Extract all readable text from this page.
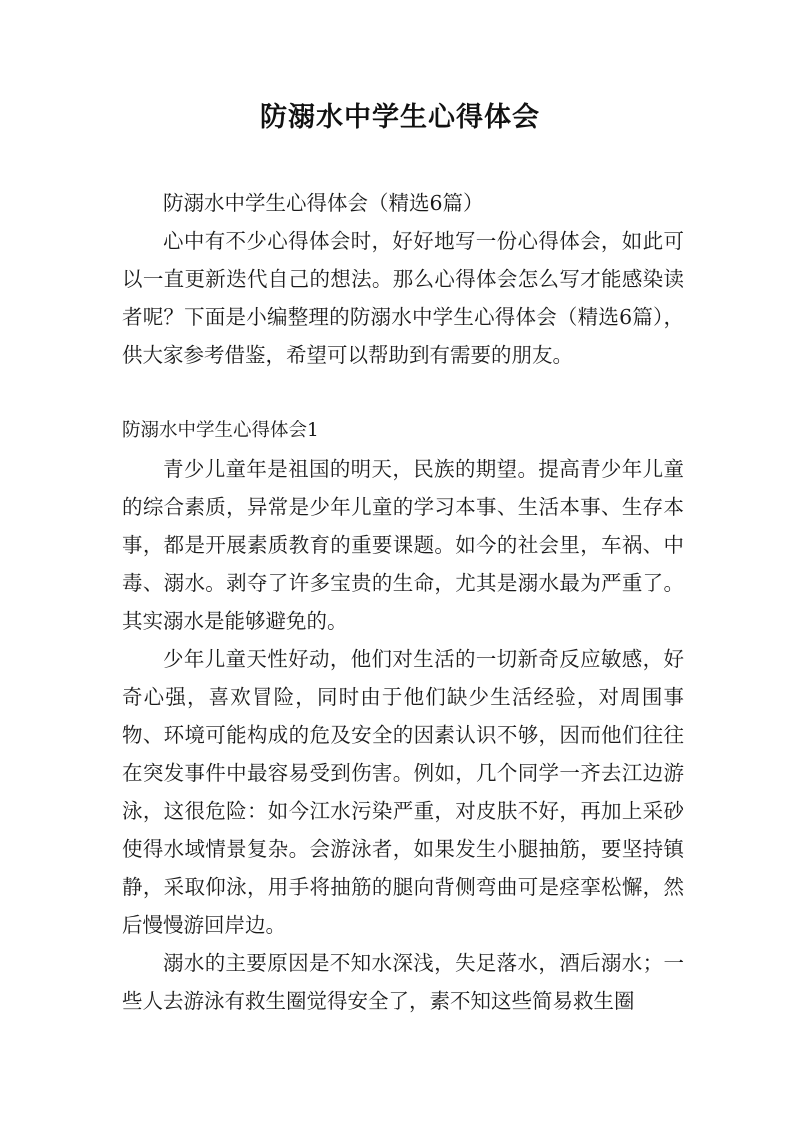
防溺水中学生心得体会

防溺水中学生心得体会（精选6篇）

心中有不少心得体会时，好好地写一份心得体会，如此可以一直更新迭代自己的想法。那么心得体会怎么写才能感染读者呢？下面是小编整理的防溺水中学生心得体会（精选6篇），供大家参考借鉴，希望可以帮助到有需要的朋友。

防溺水中学生心得体会1

青少儿童年是祖国的明天，民族的期望。提高青少年儿童的综合素质，异常是少年儿童的学习本事、生活本事、生存本事，都是开展素质教育的重要课题。如今的社会里，车祸、中毒、溺水。剥夺了许多宝贵的生命，尤其是溺水最为严重了。其实溺水是能够避免的。

少年儿童天性好动，他们对生活的一切新奇反应敏感，好奇心强，喜欢冒险，同时由于他们缺少生活经验，对周围事物、环境可能构成的危及安全的因素认识不够，因而他们往往在突发事件中最容易受到伤害。例如，几个同学一齐去江边游泳，这很危险：如今江水污染严重，对皮肤不好，再加上采砂使得水域情景复杂。会游泳者，如果发生小腿抽筋，要坚持镇静，采取仰泳，用手将抽筋的腿向背侧弯曲可是痉挛松懈，然后慢慢游回岸边。

溺水的主要原因是不知水深浅，失足落水，酒后溺水；一些人去游泳有救生圈觉得安全了，素不知这些简易救生圈
